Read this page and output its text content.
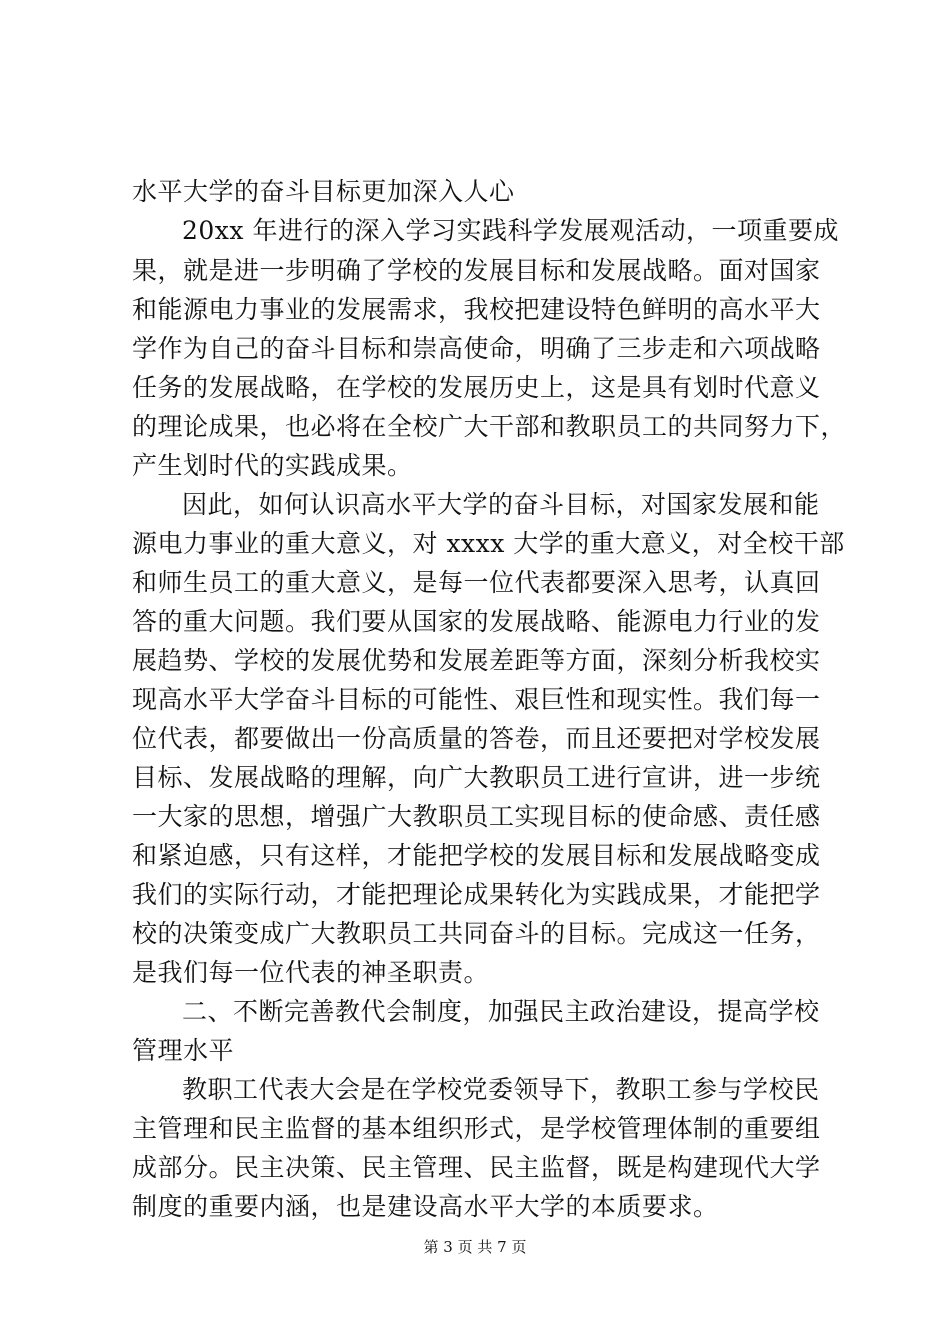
水平大学的奋斗目标更加深入人心
20xx 年进行的深入学习实践科学发展观活动，一项重要成
果，就是进一步明确了学校的发展目标和发展战略。面对国家
和能源电力事业的发展需求，我校把建设特色鲜明的高水平大
学作为自己的奋斗目标和崇高使命，明确了三步走和六项战略
任务的发展战略，在学校的发展历史上，这是具有划时代意义
的理论成果，也必将在全校广大干部和教职员工的共同努力下，
产生划时代的实践成果。
因此，如何认识高水平大学的奋斗目标，对国家发展和能
源电力事业的重大意义，对 xxxx 大学的重大意义，对全校干部
和师生员工的重大意义，是每一位代表都要深入思考，认真回
答的重大问题。我们要从国家的发展战略、能源电力行业的发
展趋势、学校的发展优势和发展差距等方面，深刻分析我校实
现高水平大学奋斗目标的可能性、艰巨性和现实性。我们每一
位代表，都要做出一份高质量的答卷，而且还要把对学校发展
目标、发展战略的理解，向广大教职员工进行宣讲，进一步统
一大家的思想，增强广大教职员工实现目标的使命感、责任感
和紧迫感，只有这样，才能把学校的发展目标和发展战略变成
我们的实际行动，才能把理论成果转化为实践成果，才能把学
校的决策变成广大教职员工共同奋斗的目标。完成这一任务，
是我们每一位代表的神圣职责。
二、不断完善教代会制度，加强民主政治建设，提高学校
管理水平
教职工代表大会是在学校党委领导下，教职工参与学校民
主管理和民主监督的基本组织形式，是学校管理体制的重要组
成部分。民主决策、民主管理、民主监督，既是构建现代大学
制度的重要内涵，也是建设高水平大学的本质要求。
第 3 页 共 7 页
